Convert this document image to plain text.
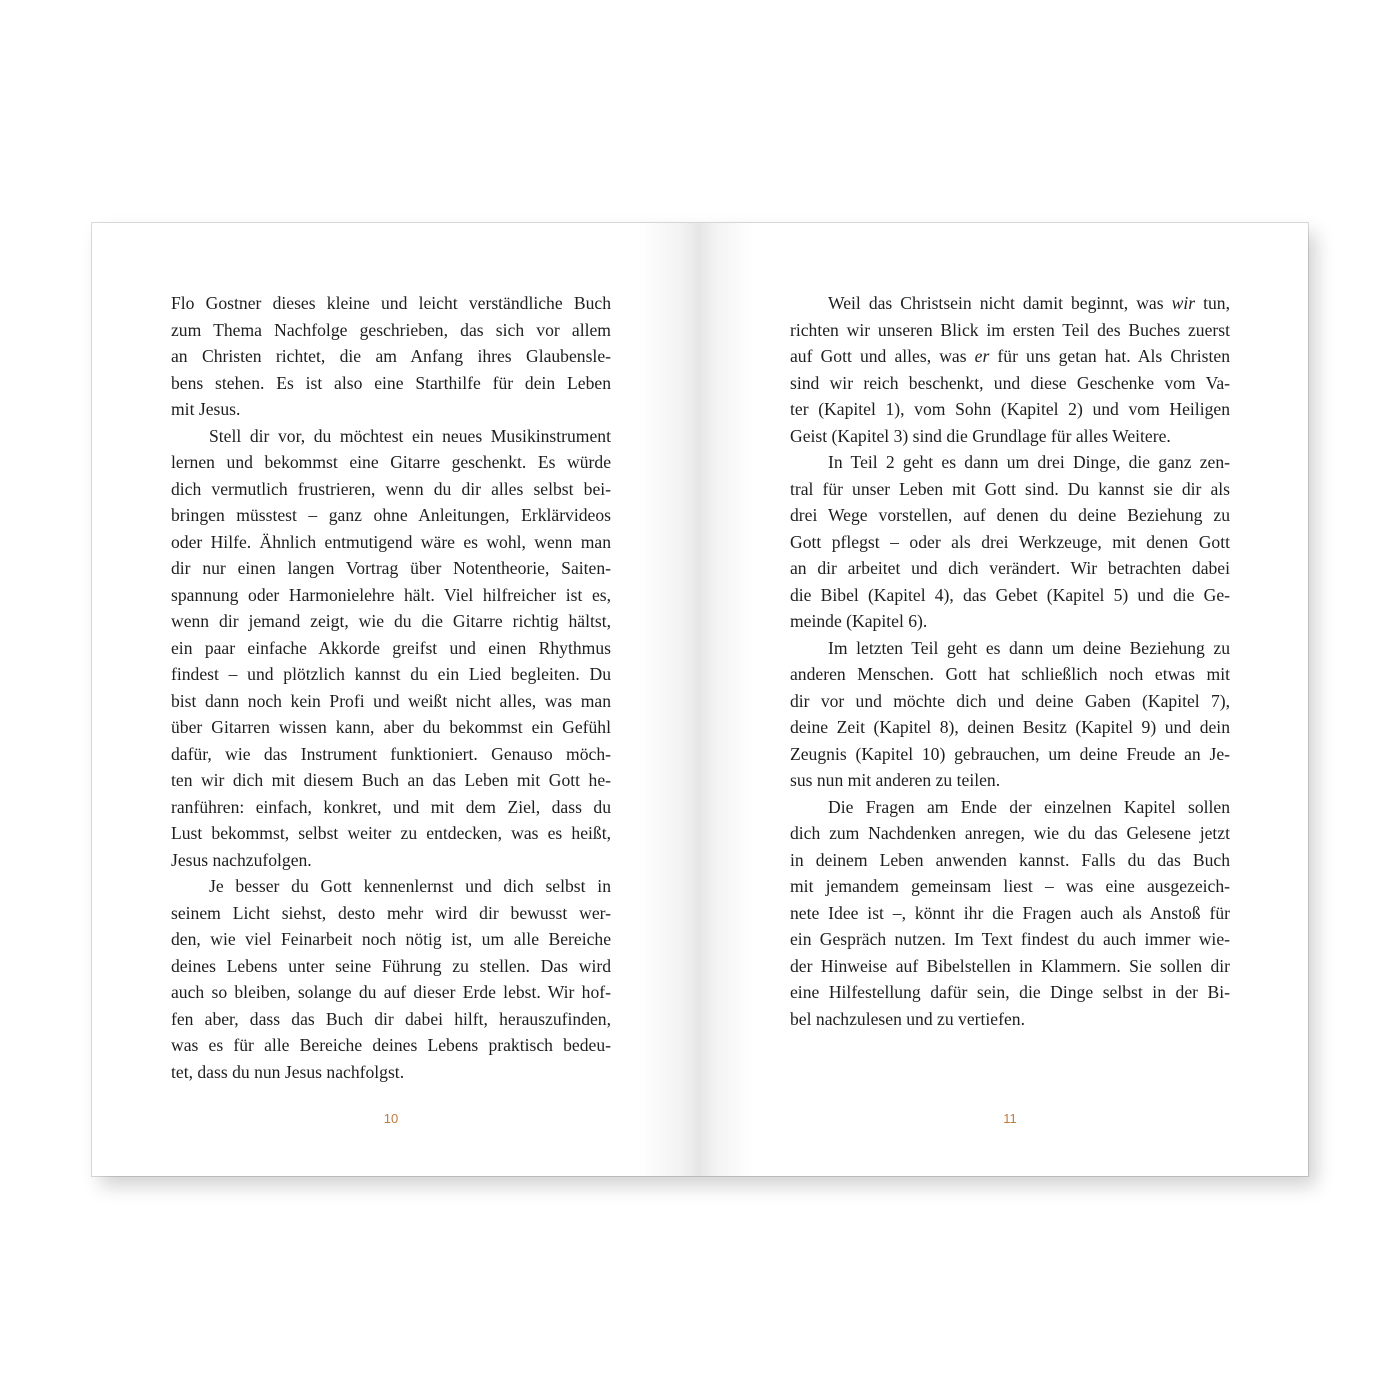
Flo Gostner dieses kleine und leicht verständliche Buch
zum Thema Nachfolge geschrieben, das sich vor allem
an Christen richtet, die am Anfang ihres Glaubensle-
bens stehen. Es ist also eine Starthilfe für dein Leben
mit Jesus.
Stell dir vor, du möchtest ein neues Musikinstrument
lernen und bekommst eine Gitarre geschenkt. Es würde
dich vermutlich frustrieren, wenn du dir alles selbst bei-
bringen müsstest – ganz ohne Anleitungen, Erklärvideos
oder Hilfe. Ähnlich entmutigend wäre es wohl, wenn man
dir nur einen langen Vortrag über Notentheorie, Saiten-
spannung oder Harmonielehre hält. Viel hilfreicher ist es,
wenn dir jemand zeigt, wie du die Gitarre richtig hältst,
ein paar einfache Akkorde greifst und einen Rhythmus
findest – und plötzlich kannst du ein Lied begleiten. Du
bist dann noch kein Profi und weißt nicht alles, was man
über Gitarren wissen kann, aber du bekommst ein Gefühl
dafür, wie das Instrument funktioniert. Genauso möch-
ten wir dich mit diesem Buch an das Leben mit Gott he-
ranführen: einfach, konkret, und mit dem Ziel, dass du
Lust bekommst, selbst weiter zu entdecken, was es heißt,
Jesus nachzufolgen.
Je besser du Gott kennenlernst und dich selbst in
seinem Licht siehst, desto mehr wird dir bewusst wer-
den, wie viel Feinarbeit noch nötig ist, um alle Bereiche
deines Lebens unter seine Führung zu stellen. Das wird
auch so bleiben, solange du auf dieser Erde lebst. Wir hof-
fen aber, dass das Buch dir dabei hilft, herauszufinden,
was es für alle Bereiche deines Lebens praktisch bedeu-
tet, dass du nun Jesus nachfolgst.
10
Weil das Christsein nicht damit beginnt, was wir tun,
richten wir unseren Blick im ersten Teil des Buches zuerst
auf Gott und alles, was er für uns getan hat. Als Christen
sind wir reich beschenkt, und diese Geschenke vom Va-
ter (Kapitel 1), vom Sohn (Kapitel 2) und vom Heiligen
Geist (Kapitel 3) sind die Grundlage für alles Weitere.
In Teil 2 geht es dann um drei Dinge, die ganz zen-
tral für unser Leben mit Gott sind. Du kannst sie dir als
drei Wege vorstellen, auf denen du deine Beziehung zu
Gott pflegst – oder als drei Werkzeuge, mit denen Gott
an dir arbeitet und dich verändert. Wir betrachten dabei
die Bibel (Kapitel 4), das Gebet (Kapitel 5) und die Ge-
meinde (Kapitel 6).
Im letzten Teil geht es dann um deine Beziehung zu
anderen Menschen. Gott hat schließlich noch etwas mit
dir vor und möchte dich und deine Gaben (Kapitel 7),
deine Zeit (Kapitel 8), deinen Besitz (Kapitel 9) und dein
Zeugnis (Kapitel 10) gebrauchen, um deine Freude an Je-
sus nun mit anderen zu teilen.
Die Fragen am Ende der einzelnen Kapitel sollen
dich zum Nachdenken anregen, wie du das Gelesene jetzt
in deinem Leben anwenden kannst. Falls du das Buch
mit jemandem gemeinsam liest – was eine ausgezeich-
nete Idee ist –, könnt ihr die Fragen auch als Anstoß für
ein Gespräch nutzen. Im Text findest du auch immer wie-
der Hinweise auf Bibelstellen in Klammern. Sie sollen dir
eine Hilfestellung dafür sein, die Dinge selbst in der Bi-
bel nachzulesen und zu vertiefen.
11
